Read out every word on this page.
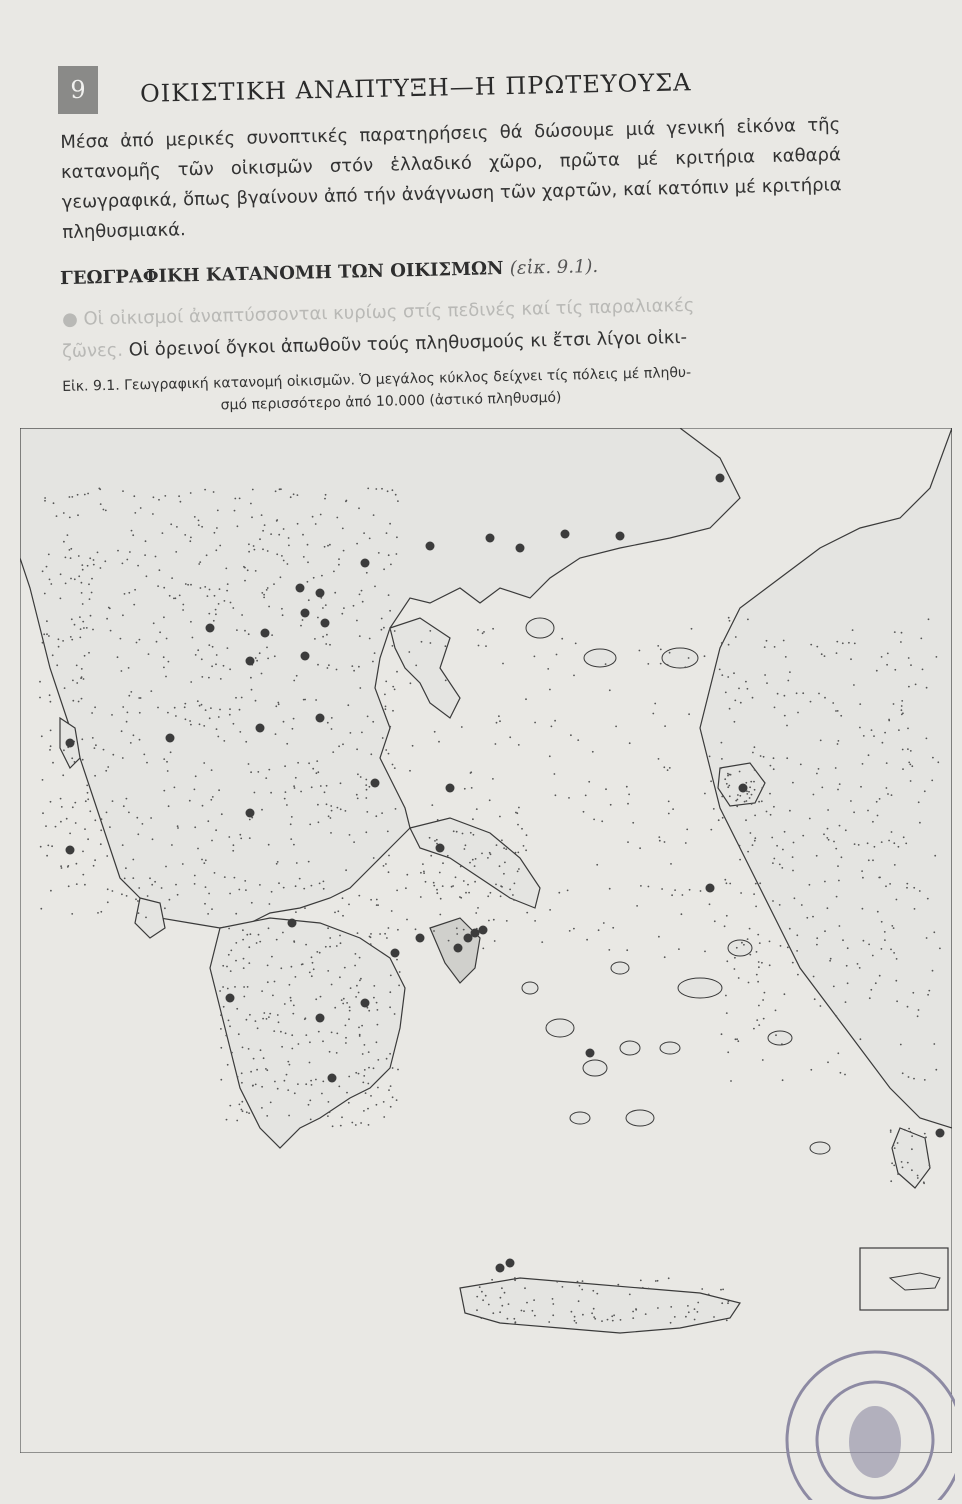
9 ΟΙΚΙΣΤΙΚΗ ΑΝΑΠΤΥΞΗ—Η ΠΡΩΤΕΥΟΥΣΑ
Μέσα ἀπό μερικές συνοπτικές παρατηρήσεις θά δώσουμε μιά γενική εἰκόνα τῆς κατανομῆς τῶν οἰκισμῶν στόν ἑλλαδικό χῶρο, πρῶτα μέ κριτήρια καθαρά γεωγραφικά, ὅπως βγαίνουν ἀπό τήν ἀνάγνωση τῶν χαρτῶν, καί κατόπιν μέ κριτήρια πληθυσμιακά.
ΓΕΩΓΡΑΦΙΚΗ ΚΑΤΑΝΟΜΗ ΤΩΝ ΟΙΚΙΣΜΩΝ (εἰκ. 9.1).
● Οἱ οἰκισμοί ἀναπτύσσονται κυρίως στίς πεδινές καί τίς παραλιακές
ζῶνες. Οἱ ὀρεινοί ὄγκοι ἀπωθοῦν τούς πληθυσμούς κι ἔτσι λίγοι οἰκι-
Εἰκ. 9.1. Γεωγραφική κατανομή οἰκισμῶν. Ὁ μεγάλος κύκλος δείχνει τίς πόλεις μέ πληθυ-
σμό περισσότερο ἀπό 10.000 (ἀστικό πληθυσμό)
